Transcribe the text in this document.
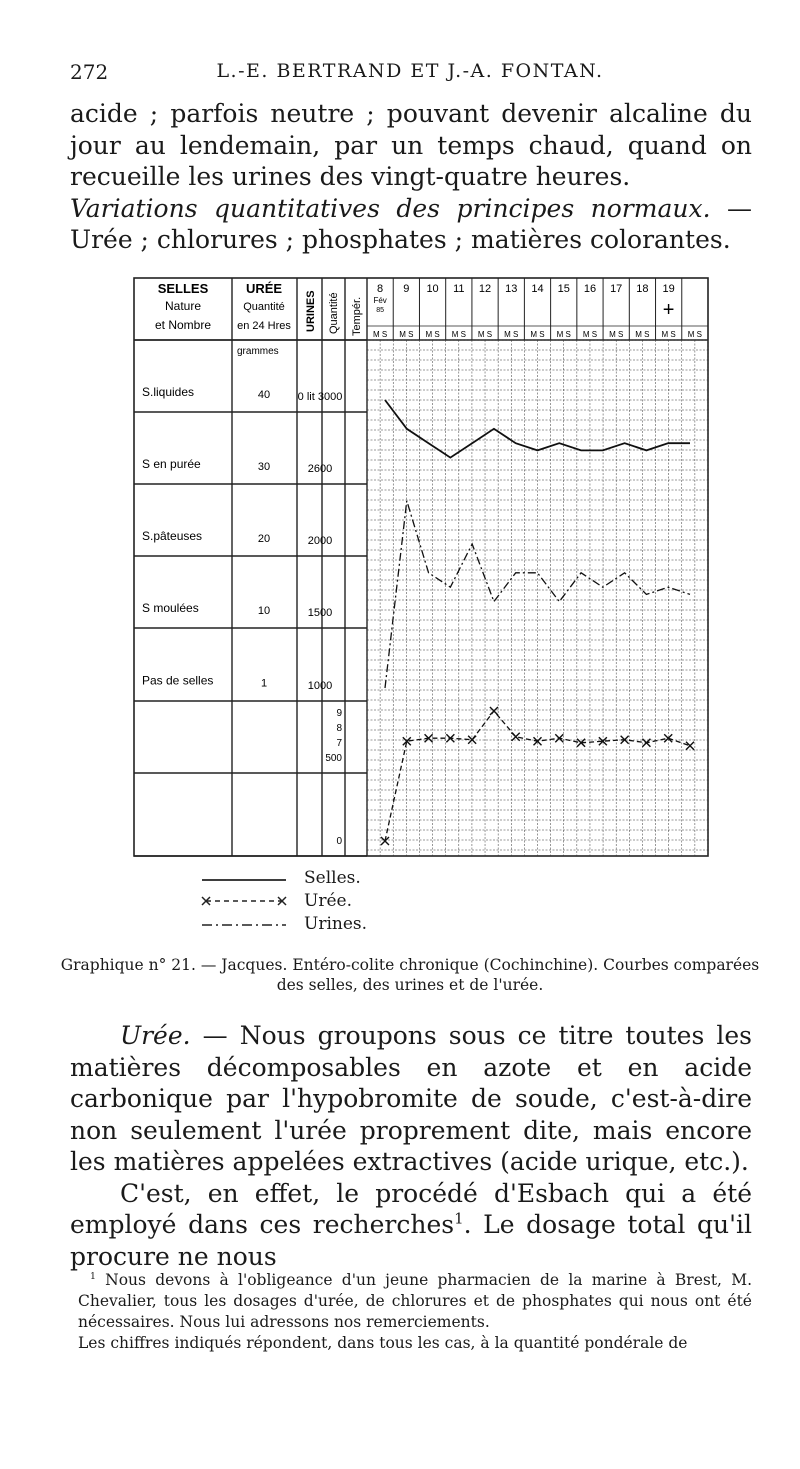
272	L.-E. BERTRAND ET J.-A. FONTAN.

acide ; parfois neutre ; pouvant devenir alcaline du jour au lendemain, par un temps chaud, quand on recueille les urines des vingt-quatre heures.

Variations quantitatives des principes normaux. — Urée ; chlorures ; phosphates ; matières colorantes.

SELLES
Nature
et Nombre
URÉE
Quantité
en 24 Hres URINES Quantité Tempér.
8 9 10 11 12 13 14 15 16 17 18 19
M S M S M S M S M S M S M S M S M S M S M S M S M S
Fév
85	+
grammes
S.liquides
S en purée
S.pâteuses
S moulées
Pas de selles
40
30
20
10
1
0 lit 3000
2600
2000
1500
1000
9
8
7
500
0
Selles.
Urée.
Urines.
Graphique n° 21. — Jacques. Entéro-colite chronique (Cochinchine). Courbes comparées des selles, des urines et de l'urée.

Urée. — Nous groupons sous ce titre toutes les matières décomposables en azote et en acide carbonique par l'hypobromite de soude, c'est-à-dire non seulement l'urée proprement dite, mais encore les matières appelées extractives (acide urique, etc.).

C'est, en effet, le procédé d'Esbach qui a été employé dans ces recherches$^1$. Le dosage total qu'il procure ne nous

$^1$ Nous devons à l'obligeance d'un jeune pharmacien de la marine à Brest, M. Chevalier, tous les dosages d'urée, de chlorures et de phosphates qui nous ont été nécessaires. Nous lui adressons nos remerciements.

Les chiffres indiqués répondent, dans tous les cas, à la quantité pondérale de
